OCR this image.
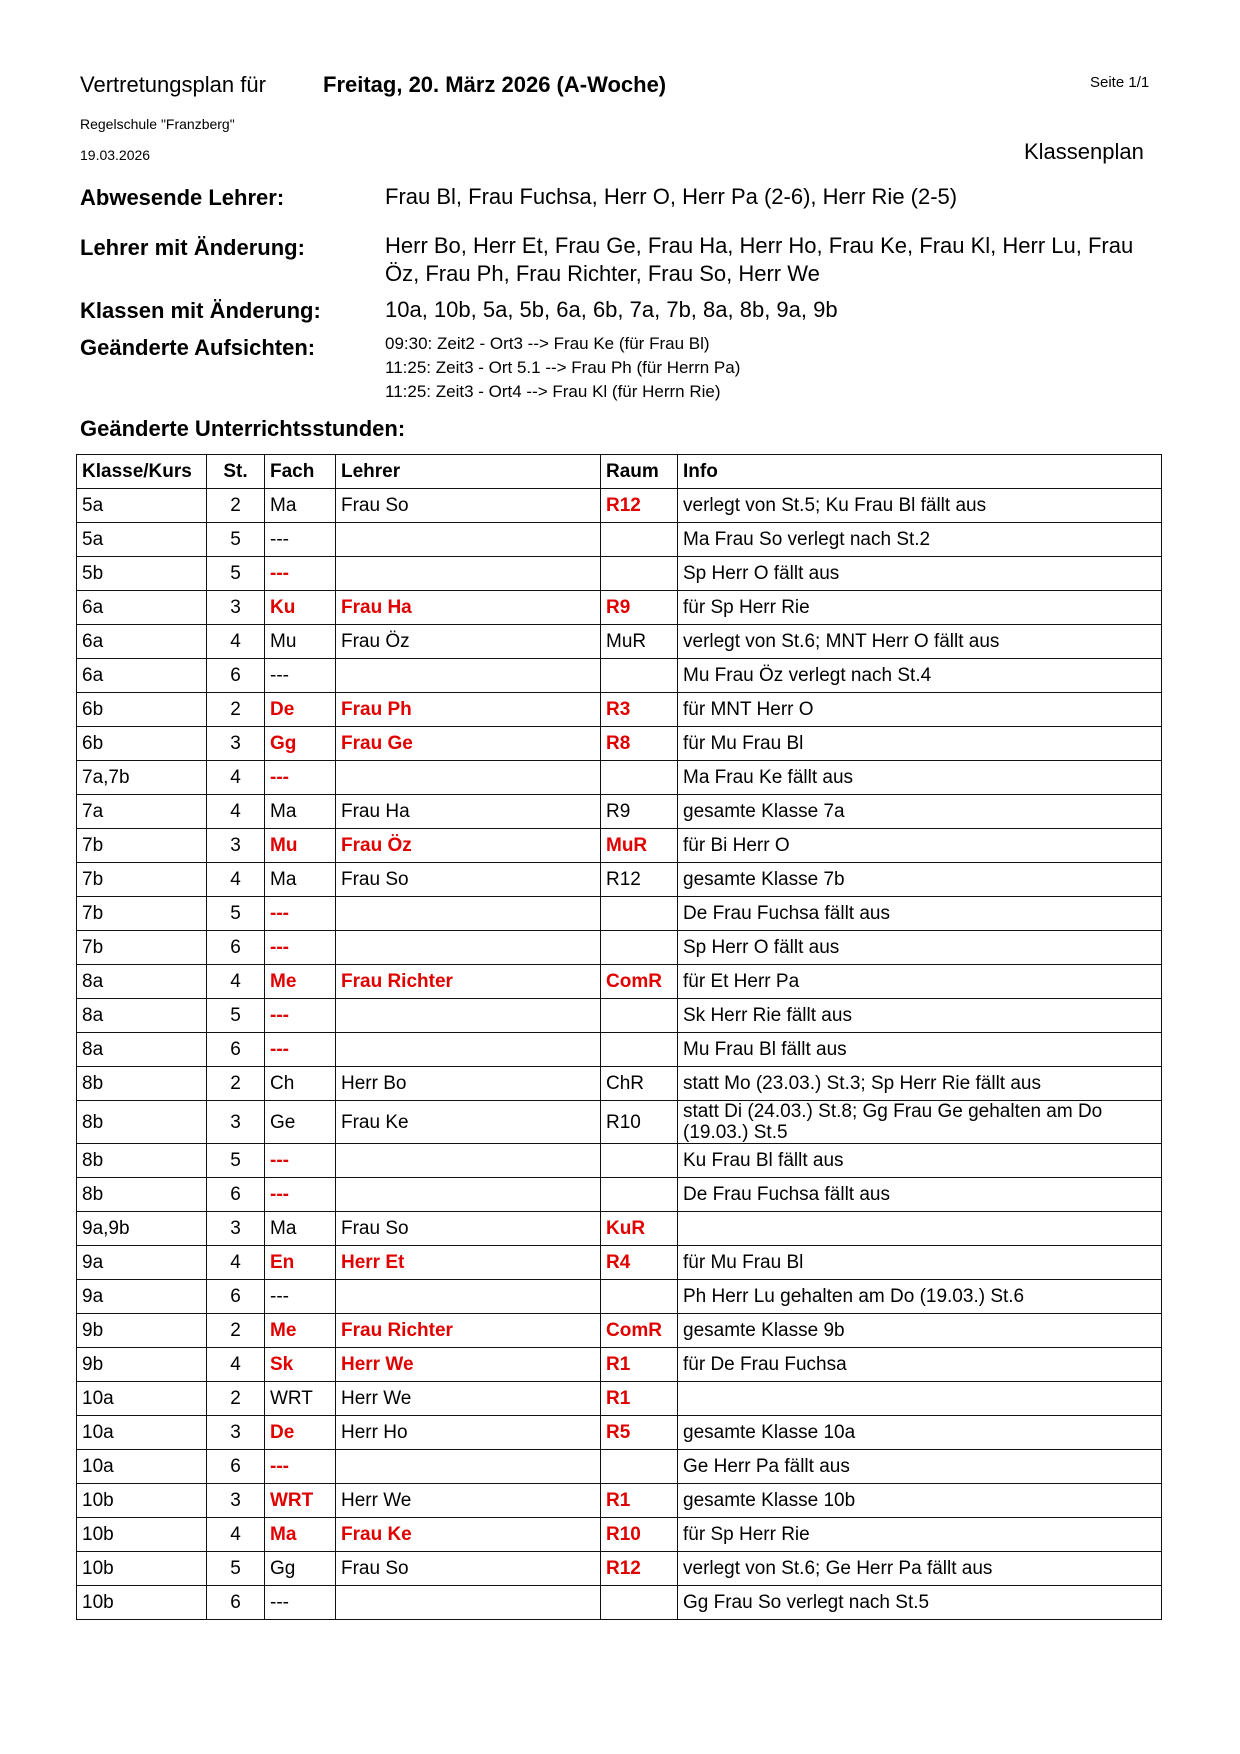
Vertretungsplan für	Freitag, 20. März 2026 (A-Woche)	Seite 1/1
Regelschule "Franzberg"
19.03.2026	Klassenplan
Abwesende Lehrer:	Frau Bl, Frau Fuchsa, Herr O, Herr Pa (2-6), Herr Rie (2-5)
Lehrer mit Änderung:	Herr Bo, Herr Et, Frau Ge, Frau Ha, Herr Ho, Frau Ke, Frau Kl, Herr Lu, Frau Öz, Frau Ph, Frau Richter, Frau So, Herr We
Klassen mit Änderung:	10a, 10b, 5a, 5b, 6a, 6b, 7a, 7b, 8a, 8b, 9a, 9b
Geänderte Aufsichten:	09:30: Zeit2 - Ort3 --> Frau Ke (für Frau Bl)
11:25: Zeit3 - Ort 5.1 --> Frau Ph (für Herrn Pa)
11:25: Zeit3 - Ort4 --> Frau Kl (für Herrn Rie)
Geänderte Unterrichtsstunden:
Klasse/Kurs	St.	Fach	Lehrer	Raum	Info
5a	2	Ma	Frau So	R12	verlegt von St.5; Ku Frau Bl fällt aus
5a	5	---			Ma Frau So verlegt nach St.2
5b	5	---			Sp Herr O fällt aus
6a	3	Ku	Frau Ha	R9	für Sp Herr Rie
6a	4	Mu	Frau Öz	MuR	verlegt von St.6; MNT Herr O fällt aus
6a	6	---			Mu Frau Öz verlegt nach St.4
6b	2	De	Frau Ph	R3	für MNT Herr O
6b	3	Gg	Frau Ge	R8	für Mu Frau Bl
7a,7b	4	---			Ma Frau Ke fällt aus
7a	4	Ma	Frau Ha	R9	gesamte Klasse 7a
7b	3	Mu	Frau Öz	MuR	für Bi Herr O
7b	4	Ma	Frau So	R12	gesamte Klasse 7b
7b	5	---			De Frau Fuchsa fällt aus
7b	6	---			Sp Herr O fällt aus
8a	4	Me	Frau Richter	ComR	für Et Herr Pa
8a	5	---			Sk Herr Rie fällt aus
8a	6	---			Mu Frau Bl fällt aus
8b	2	Ch	Herr Bo	ChR	statt Mo (23.03.) St.3; Sp Herr Rie fällt aus
8b	3	Ge	Frau Ke	R10	statt Di (24.03.) St.8; Gg Frau Ge gehalten am Do (19.03.) St.5
8b	5	---			Ku Frau Bl fällt aus
8b	6	---			De Frau Fuchsa fällt aus
9a,9b	3	Ma	Frau So	KuR	
9a	4	En	Herr Et	R4	für Mu Frau Bl
9a	6	---			Ph Herr Lu gehalten am Do (19.03.) St.6
9b	2	Me	Frau Richter	ComR	gesamte Klasse 9b
9b	4	Sk	Herr We	R1	für De Frau Fuchsa
10a	2	WRT	Herr We	R1	
10a	3	De	Herr Ho	R5	gesamte Klasse 10a
10a	6	---			Ge Herr Pa fällt aus
10b	3	WRT	Herr We	R1	gesamte Klasse 10b
10b	4	Ma	Frau Ke	R10	für Sp Herr Rie
10b	5	Gg	Frau So	R12	verlegt von St.6; Ge Herr Pa fällt aus
10b	6	---			Gg Frau So verlegt nach St.5
